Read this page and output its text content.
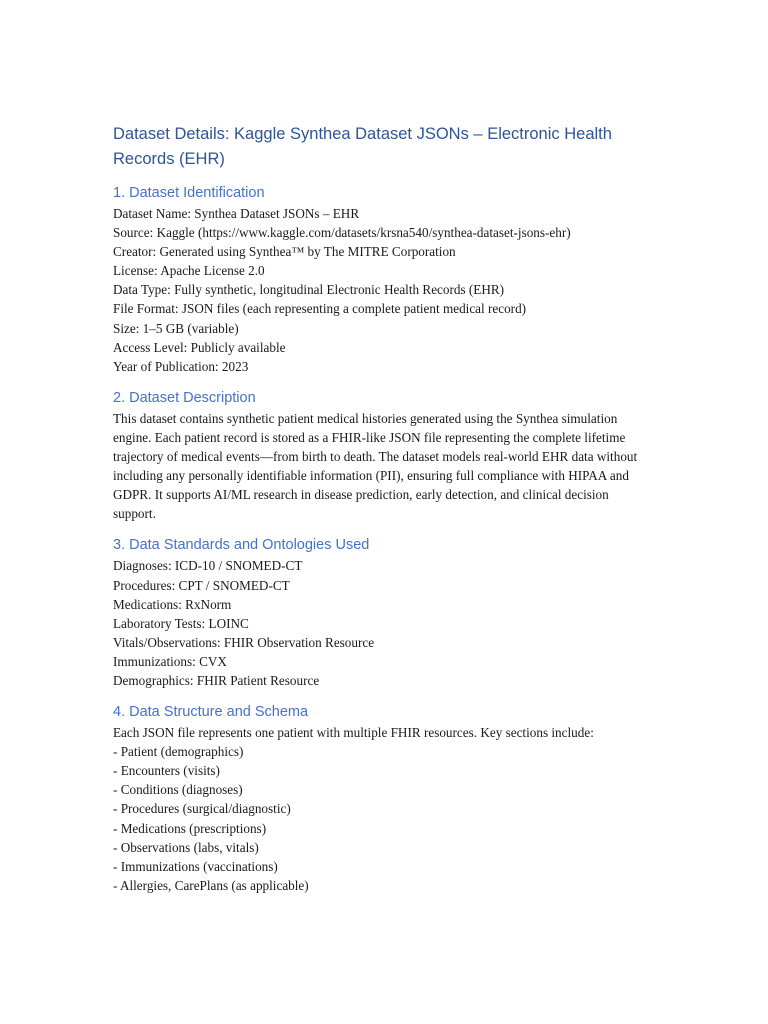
Dataset Details: Kaggle Synthea Dataset JSONs – Electronic Health Records (EHR)
1. Dataset Identification

Dataset Name: Synthea Dataset JSONs – EHR

Source: Kaggle (https://www.kaggle.com/datasets/krsna540/synthea-dataset-jsons-ehr)

Creator: Generated using Synthea™ by The MITRE Corporation

License: Apache License 2.0

Data Type: Fully synthetic, longitudinal Electronic Health Records (EHR)

File Format: JSON files (each representing a complete patient medical record)

Size: 1–5 GB (variable)

Access Level: Publicly available

Year of Publication: 2023

2. Dataset Description

This dataset contains synthetic patient medical histories generated using the Synthea simulation engine. Each patient record is stored as a FHIR-like JSON file representing the complete lifetime trajectory of medical events—from birth to death. The dataset models real-world EHR data without including any personally identifiable information (PII), ensuring full compliance with HIPAA and GDPR. It supports AI/ML research in disease prediction, early detection, and clinical decision support.

3. Data Standards and Ontologies Used

Diagnoses: ICD-10 / SNOMED-CT

Procedures: CPT / SNOMED-CT

Medications: RxNorm

Laboratory Tests: LOINC

Vitals/Observations: FHIR Observation Resource

Immunizations: CVX

Demographics: FHIR Patient Resource

4. Data Structure and Schema

Each JSON file represents one patient with multiple FHIR resources. Key sections include:

- Patient (demographics)

- Encounters (visits)

- Conditions (diagnoses)

- Procedures (surgical/diagnostic)

- Medications (prescriptions)

- Observations (labs, vitals)

- Immunizations (vaccinations)

- Allergies, CarePlans (as applicable)
